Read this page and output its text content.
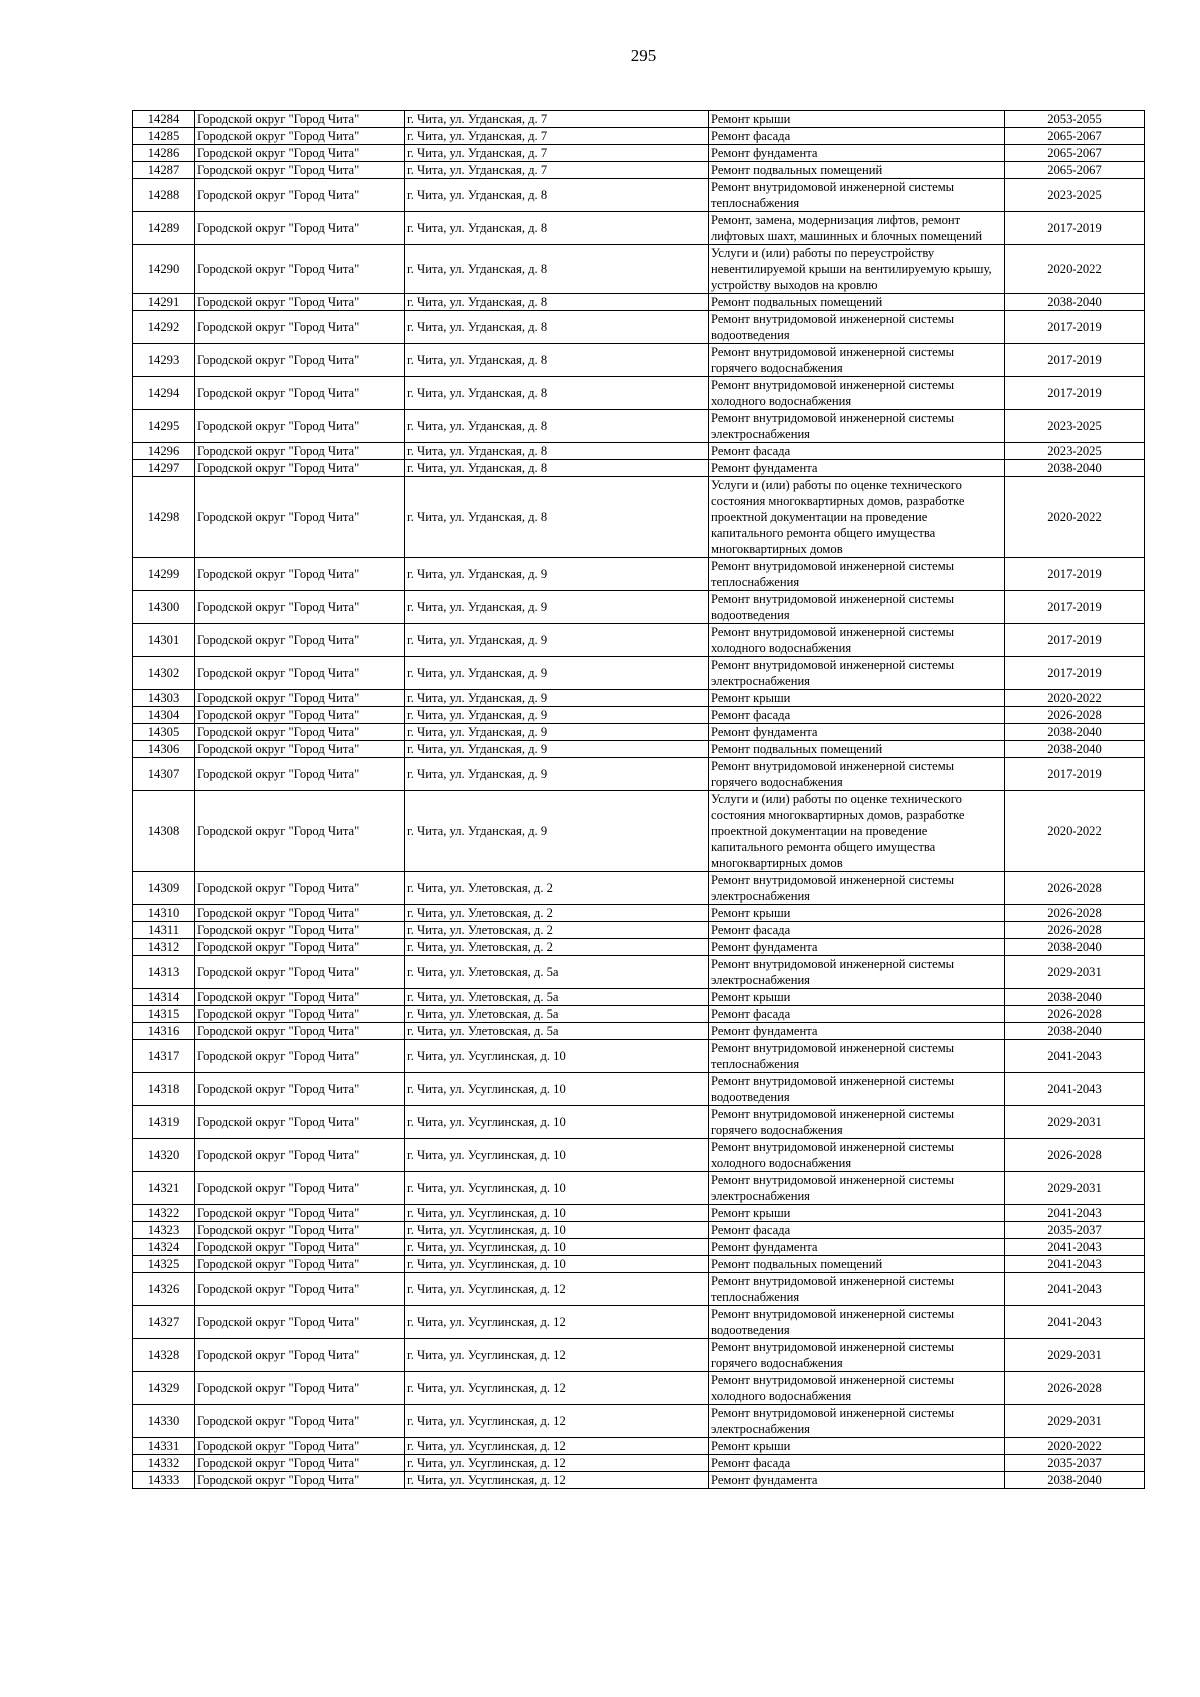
295
14284	Городской округ "Город Чита"	г. Чита, ул. Угданская, д. 7	Ремонт крыши	2053-2055
14285	Городской округ "Город Чита"	г. Чита, ул. Угданская, д. 7	Ремонт фасада	2065-2067
14286	Городской округ "Город Чита"	г. Чита, ул. Угданская, д. 7	Ремонт фундамента	2065-2067
14287	Городской округ "Город Чита"	г. Чита, ул. Угданская, д. 7	Ремонт подвальных помещений	2065-2067
14288	Городской округ "Город Чита"	г. Чита, ул. Угданская, д. 8	Ремонт внутридомовой инженерной системы теплоснабжения	2023-2025
14289	Городской округ "Город Чита"	г. Чита, ул. Угданская, д. 8	Ремонт, замена, модернизация лифтов, ремонт лифтовых шахт, машинных и блочных помещений	2017-2019
14290	Городской округ "Город Чита"	г. Чита, ул. Угданская, д. 8	Услуги и (или) работы по переустройству невентилируемой крыши на вентилируемую крышу, устройству выходов на кровлю	2020-2022
14291	Городской округ "Город Чита"	г. Чита, ул. Угданская, д. 8	Ремонт подвальных помещений	2038-2040
14292	Городской округ "Город Чита"	г. Чита, ул. Угданская, д. 8	Ремонт внутридомовой инженерной системы водоотведения	2017-2019
14293	Городской округ "Город Чита"	г. Чита, ул. Угданская, д. 8	Ремонт внутридомовой инженерной системы горячего водоснабжения	2017-2019
14294	Городской округ "Город Чита"	г. Чита, ул. Угданская, д. 8	Ремонт внутридомовой инженерной системы холодного водоснабжения	2017-2019
14295	Городской округ "Город Чита"	г. Чита, ул. Угданская, д. 8	Ремонт внутридомовой инженерной системы электроснабжения	2023-2025
14296	Городской округ "Город Чита"	г. Чита, ул. Угданская, д. 8	Ремонт фасада	2023-2025
14297	Городской округ "Город Чита"	г. Чита, ул. Угданская, д. 8	Ремонт фундамента	2038-2040
14298	Городской округ "Город Чита"	г. Чита, ул. Угданская, д. 8	Услуги и (или) работы по оценке технического состояния многоквартирных домов, разработке проектной документации на проведение капитального ремонта общего имущества многоквартирных домов	2020-2022
14299	Городской округ "Город Чита"	г. Чита, ул. Угданская, д. 9	Ремонт внутридомовой инженерной системы теплоснабжения	2017-2019
14300	Городской округ "Город Чита"	г. Чита, ул. Угданская, д. 9	Ремонт внутридомовой инженерной системы водоотведения	2017-2019
14301	Городской округ "Город Чита"	г. Чита, ул. Угданская, д. 9	Ремонт внутридомовой инженерной системы холодного водоснабжения	2017-2019
14302	Городской округ "Город Чита"	г. Чита, ул. Угданская, д. 9	Ремонт внутридомовой инженерной системы электроснабжения	2017-2019
14303	Городской округ "Город Чита"	г. Чита, ул. Угданская, д. 9	Ремонт крыши	2020-2022
14304	Городской округ "Город Чита"	г. Чита, ул. Угданская, д. 9	Ремонт фасада	2026-2028
14305	Городской округ "Город Чита"	г. Чита, ул. Угданская, д. 9	Ремонт фундамента	2038-2040
14306	Городской округ "Город Чита"	г. Чита, ул. Угданская, д. 9	Ремонт подвальных помещений	2038-2040
14307	Городской округ "Город Чита"	г. Чита, ул. Угданская, д. 9	Ремонт внутридомовой инженерной системы горячего водоснабжения	2017-2019
14308	Городской округ "Город Чита"	г. Чита, ул. Угданская, д. 9	Услуги и (или) работы по оценке технического состояния многоквартирных домов, разработке проектной документации на проведение капитального ремонта общего имущества многоквартирных домов	2020-2022
14309	Городской округ "Город Чита"	г. Чита, ул. Улетовская, д. 2	Ремонт внутридомовой инженерной системы электроснабжения	2026-2028
14310	Городской округ "Город Чита"	г. Чита, ул. Улетовская, д. 2	Ремонт крыши	2026-2028
14311	Городской округ "Город Чита"	г. Чита, ул. Улетовская, д. 2	Ремонт фасада	2026-2028
14312	Городской округ "Город Чита"	г. Чита, ул. Улетовская, д. 2	Ремонт фундамента	2038-2040
14313	Городской округ "Город Чита"	г. Чита, ул. Улетовская, д. 5а	Ремонт внутридомовой инженерной системы электроснабжения	2029-2031
14314	Городской округ "Город Чита"	г. Чита, ул. Улетовская, д. 5а	Ремонт крыши	2038-2040
14315	Городской округ "Город Чита"	г. Чита, ул. Улетовская, д. 5а	Ремонт фасада	2026-2028
14316	Городской округ "Город Чита"	г. Чита, ул. Улетовская, д. 5а	Ремонт фундамента	2038-2040
14317	Городской округ "Город Чита"	г. Чита, ул. Усуглинская, д. 10	Ремонт внутридомовой инженерной системы теплоснабжения	2041-2043
14318	Городской округ "Город Чита"	г. Чита, ул. Усуглинская, д. 10	Ремонт внутридомовой инженерной системы водоотведения	2041-2043
14319	Городской округ "Город Чита"	г. Чита, ул. Усуглинская, д. 10	Ремонт внутридомовой инженерной системы горячего водоснабжения	2029-2031
14320	Городской округ "Город Чита"	г. Чита, ул. Усуглинская, д. 10	Ремонт внутридомовой инженерной системы холодного водоснабжения	2026-2028
14321	Городской округ "Город Чита"	г. Чита, ул. Усуглинская, д. 10	Ремонт внутридомовой инженерной системы электроснабжения	2029-2031
14322	Городской округ "Город Чита"	г. Чита, ул. Усуглинская, д. 10	Ремонт крыши	2041-2043
14323	Городской округ "Город Чита"	г. Чита, ул. Усуглинская, д. 10	Ремонт фасада	2035-2037
14324	Городской округ "Город Чита"	г. Чита, ул. Усуглинская, д. 10	Ремонт фундамента	2041-2043
14325	Городской округ "Город Чита"	г. Чита, ул. Усуглинская, д. 10	Ремонт подвальных помещений	2041-2043
14326	Городской округ "Город Чита"	г. Чита, ул. Усуглинская, д. 12	Ремонт внутридомовой инженерной системы теплоснабжения	2041-2043
14327	Городской округ "Город Чита"	г. Чита, ул. Усуглинская, д. 12	Ремонт внутридомовой инженерной системы водоотведения	2041-2043
14328	Городской округ "Город Чита"	г. Чита, ул. Усуглинская, д. 12	Ремонт внутридомовой инженерной системы горячего водоснабжения	2029-2031
14329	Городской округ "Город Чита"	г. Чита, ул. Усуглинская, д. 12	Ремонт внутридомовой инженерной системы холодного водоснабжения	2026-2028
14330	Городской округ "Город Чита"	г. Чита, ул. Усуглинская, д. 12	Ремонт внутридомовой инженерной системы электроснабжения	2029-2031
14331	Городской округ "Город Чита"	г. Чита, ул. Усуглинская, д. 12	Ремонт крыши	2020-2022
14332	Городской округ "Город Чита"	г. Чита, ул. Усуглинская, д. 12	Ремонт фасада	2035-2037
14333	Городской округ "Город Чита"	г. Чита, ул. Усуглинская, д. 12	Ремонт фундамента	2038-2040
